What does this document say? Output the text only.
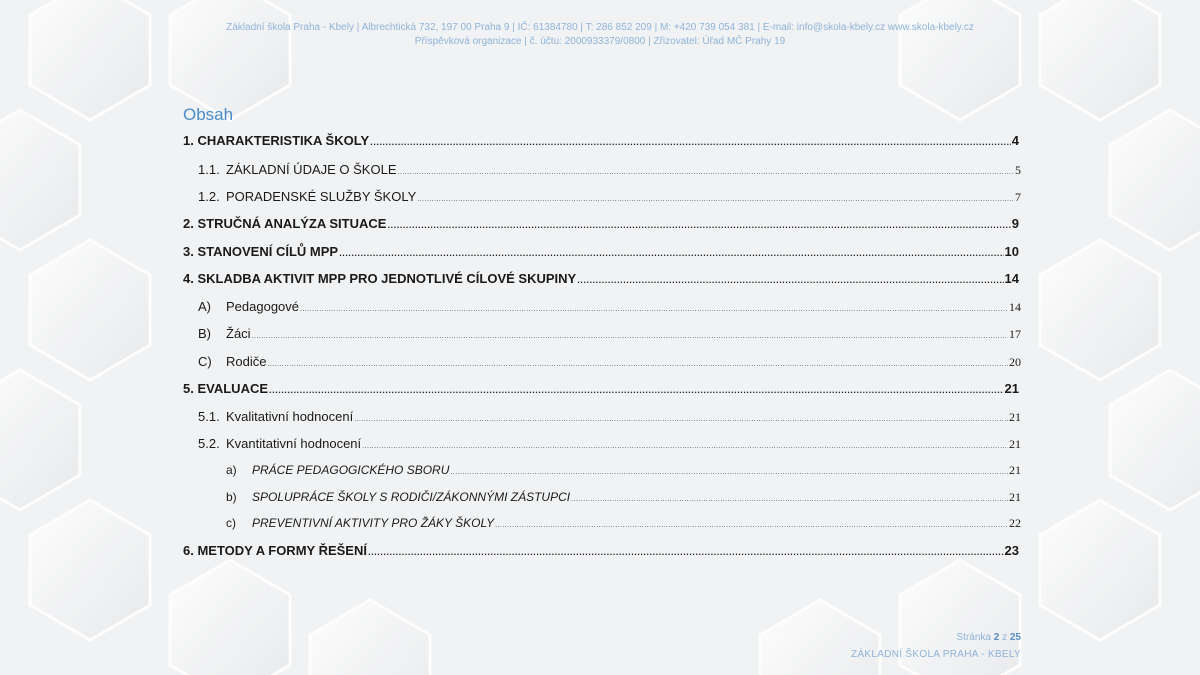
Základní škola Praha - Kbely | Albrechtická 732, 197 00 Praha 9 | IČ: 61384780 | T: 286 852 209 | M: +420 739 054 381 | E-mail: info@skola-kbely.cz www.skola-kbely.cz
Příspěvková organizace | č. účtu: 2000933379/0800 | Zřizovatel: Úřad MČ Prahy 19
Obsah
1. CHARAKTERISTIKA ŠKOLY .....	4
1.1. ZÁKLADNÍ ÚDAJE O ŠKOLE .....	5
1.2. PORADENSKÉ SLUŽBY ŠKOLY .....	7
2. STRUČNÁ ANALÝZA SITUACE .....	9
3. STANOVENÍ CÍLŮ MPP .....	10
4. SKLADBA AKTIVIT MPP PRO JEDNOTLIVÉ CÍLOVÉ SKUPINY .....	14
A) Pedagogové .....	14
B) Žáci .....	17
C) Rodiče .....	20
5. EVALUACE .....	21
5.1. Kvalitativní hodnocení .....	21
5.2. Kvantitativní hodnocení .....	21
a) PRÁCE PEDAGOGICKÉHO SBORU .....	21
b) SPOLUPRÁCE ŠKOLY S RODIČI/ZÁKONNÝMI ZÁSTUPCI .....	21
c) PREVENTIVNÍ AKTIVITY PRO ŽÁKY ŠKOLY .....	22
6. METODY A FORMY ŘEŠENÍ .....	23
Stránka 2 z 25
ZÁKLADNÍ ŠKOLA PRAHA - KBELY
